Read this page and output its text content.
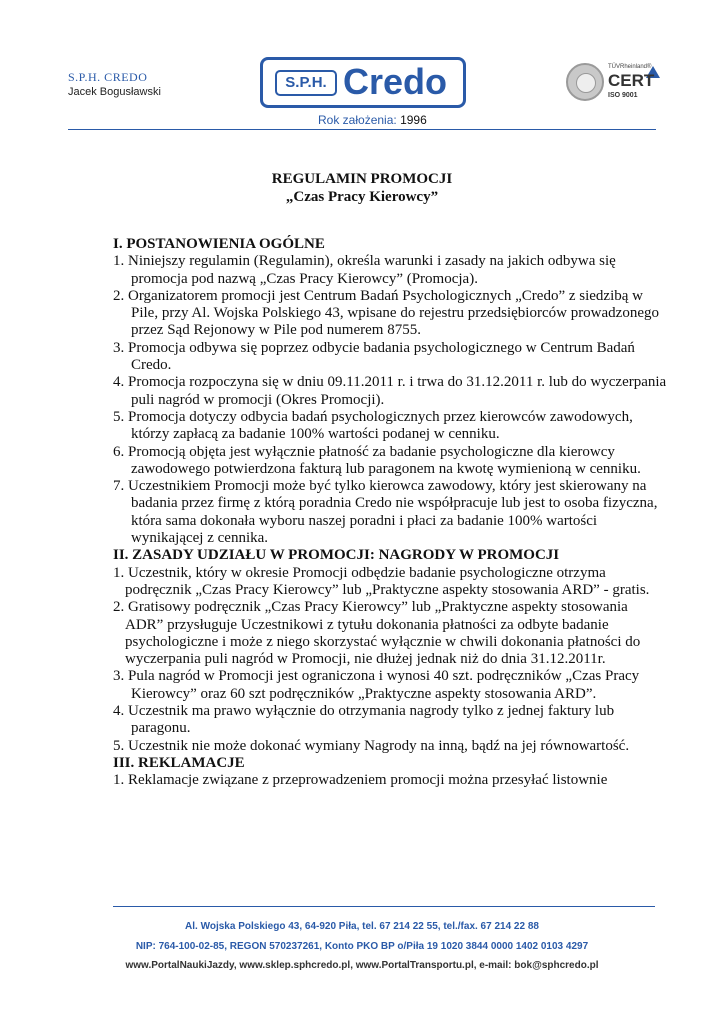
S.P.H. CREDO
Jacek Bogusławski
S.P.H. Credo
Rok założenia: 1996
TÜVRheinland®
CERT
ISO 9001
REGULAMIN PROMOCJI
„Czas Pracy Kierowcy”
I. POSTANOWIENIA OGÓLNE
1. Niniejszy regulamin (Regulamin), określa warunki i zasady na jakich odbywa się promocja pod nazwą „Czas Pracy Kierowcy” (Promocja).
2. Organizatorem promocji jest Centrum Badań Psychologicznych „Credo” z siedzibą w Pile, przy Al. Wojska Polskiego 43, wpisane do rejestru przedsiębiorców prowadzonego przez Sąd Rejonowy w Pile pod numerem 8755.
3. Promocja odbywa się poprzez odbycie badania psychologicznego w Centrum Badań Credo.
4. Promocja rozpoczyna się w dniu 09.11.2011 r. i trwa do 31.12.2011 r. lub do wyczerpania puli nagród w promocji (Okres Promocji).
5. Promocja dotyczy odbycia badań psychologicznych przez kierowców zawodowych, którzy zapłacą za badanie 100% wartości podanej w cenniku.
6. Promocją objęta jest wyłącznie płatność za badanie psychologiczne dla kierowcy zawodowego potwierdzona fakturą lub paragonem na kwotę wymienioną w cenniku.
7. Uczestnikiem Promocji może być tylko kierowca zawodowy, który jest skierowany na badania przez firmę z którą poradnia Credo nie współpracuje lub jest to osoba fizyczna, która sama dokonała wyboru naszej poradni i płaci za badanie 100% wartości wynikającej z cennika.
II. ZASADY UDZIAŁU W PROMOCJI: NAGRODY W PROMOCJI
1. Uczestnik, który w okresie Promocji odbędzie badanie psychologiczne otrzyma podręcznik „Czas Pracy Kierowcy” lub „Praktyczne aspekty stosowania ARD” - gratis.
2. Gratisowy podręcznik „Czas Pracy Kierowcy” lub „Praktyczne aspekty stosowania ADR” przysługuje Uczestnikowi z tytułu dokonania płatności za odbyte badanie psychologiczne i może z niego skorzystać wyłącznie w chwili dokonania płatności do wyczerpania puli nagród w Promocji, nie dłużej jednak niż do dnia 31.12.2011r.
3. Pula nagród w Promocji jest ograniczona i wynosi 40 szt. podręczników „Czas Pracy Kierowcy” oraz 60 szt podręczników „Praktyczne aspekty stosowania ARD”.
4. Uczestnik ma prawo wyłącznie do otrzymania nagrody tylko z jednej faktury lub paragonu.
5. Uczestnik nie może dokonać wymiany Nagrody na inną, bądź na jej równowartość.
III. REKLAMACJE
1. Reklamacje związane z przeprowadzeniem promocji można przesyłać listownie
Al. Wojska Polskiego 43, 64-920 Piła, tel. 67 214 22 55, tel./fax. 67 214 22 88
NIP: 764-100-02-85, REGON 570237261, Konto PKO BP o/Piła 19 1020 3844 0000 1402 0103 4297
www.PortalNaukiJazdy, www.sklep.sphcredo.pl, www.PortalTransportu.pl, e-mail: bok@sphcredo.pl
